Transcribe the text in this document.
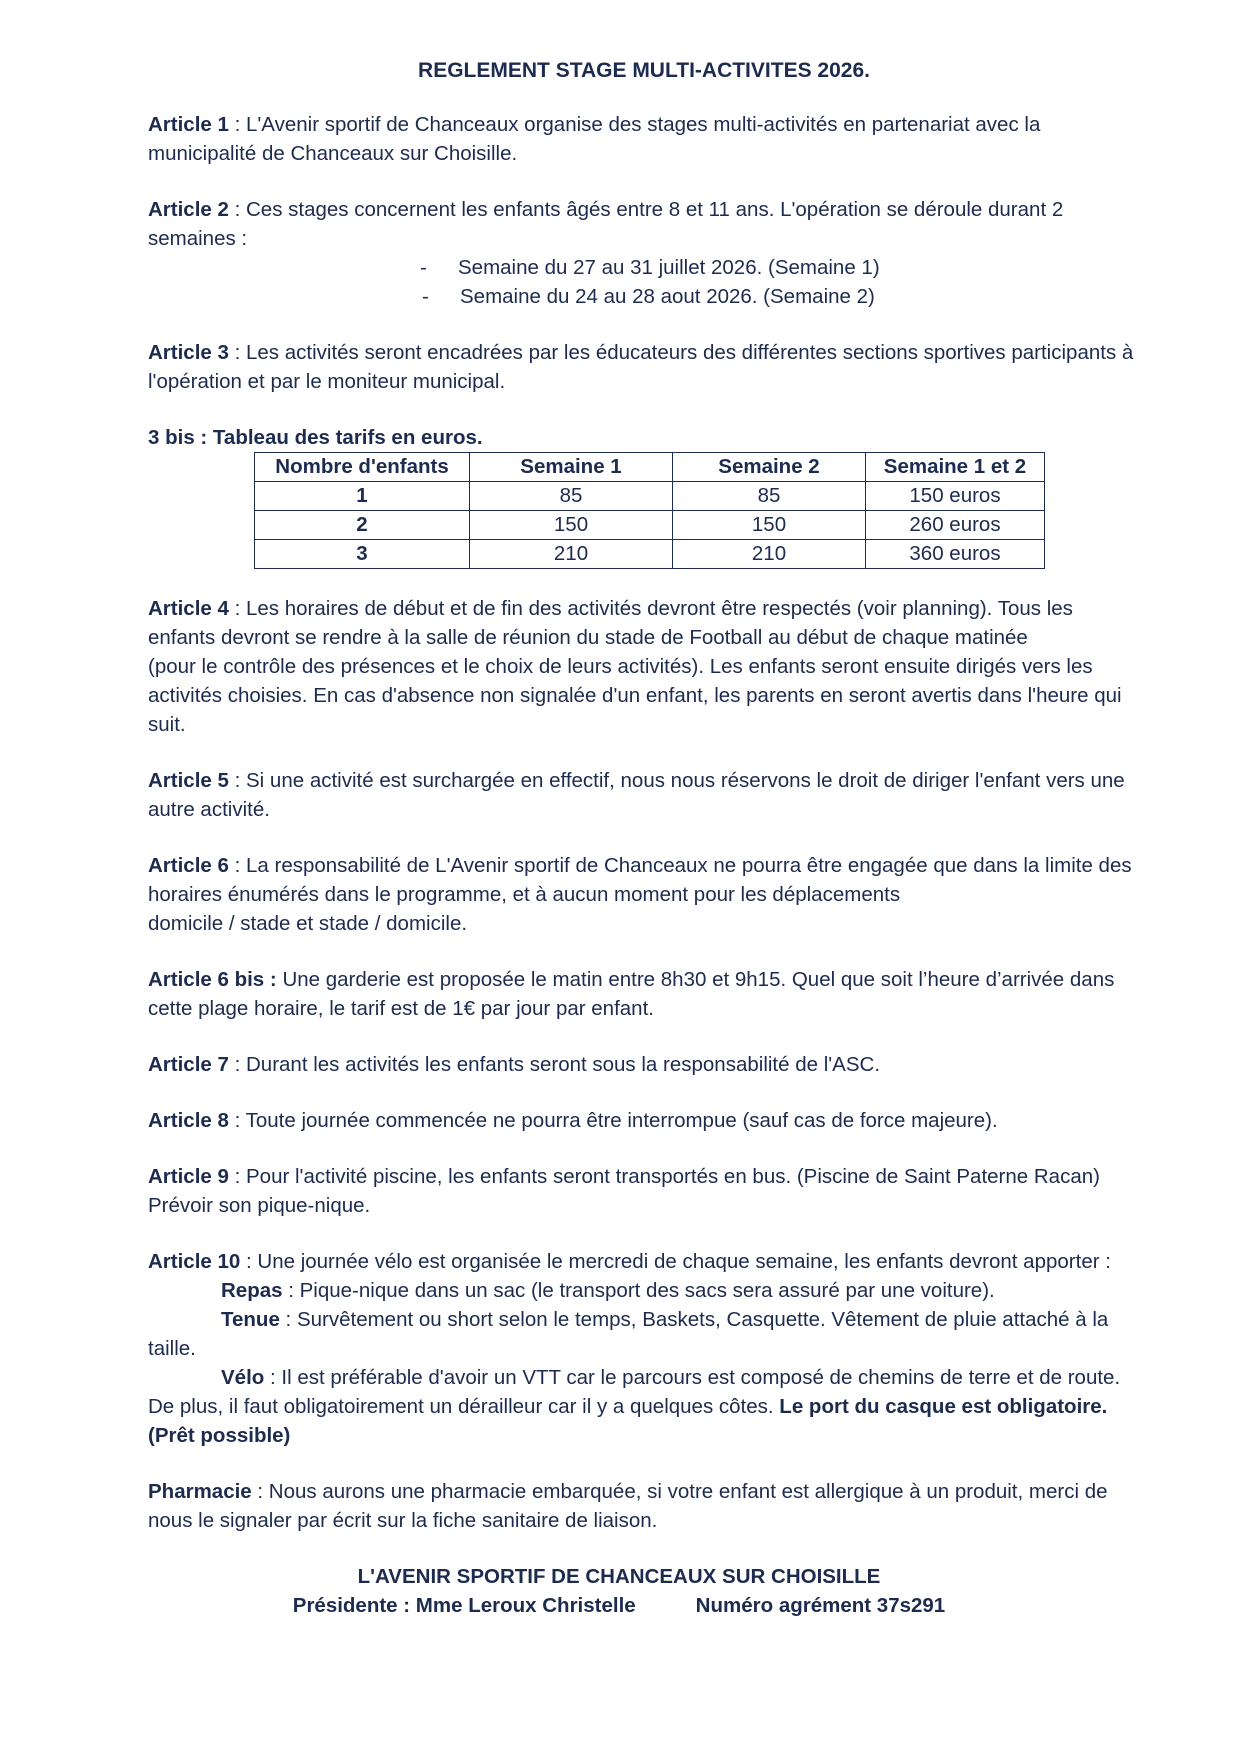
REGLEMENT STAGE MULTI-ACTIVITES 2026.

Article 1 : L'Avenir sportif de Chanceaux organise des stages multi-activités en partenariat avec la municipalité de Chanceaux sur Choisille.

Article 2 : Ces stages concernent les enfants âgés entre 8 et 11 ans. L'opération se déroule durant 2 semaines :
- Semaine du 27 au 31 juillet 2026. (Semaine 1)
- Semaine du 24 au 28 aout 2026. (Semaine 2)

Article 3 : Les activités seront encadrées par les éducateurs des différentes sections sportives participants à l'opération et par le moniteur municipal.

3 bis : Tableau des tarifs en euros.

Nombre d'enfants	Semaine 1	Semaine 2	Semaine 1 et 2
1	85	85	150 euros
2	150	150	260 euros
3	210	210	360 euros
Article 4 : Les horaires de début et de fin des activités devront être respectés (voir planning). Tous les enfants devront se rendre à la salle de réunion du stade de Football au début de chaque matinée
(pour le contrôle des présences et le choix de leurs activités). Les enfants seront ensuite dirigés vers les activités choisies. En cas d'absence non signalée d'un enfant, les parents en seront avertis dans l'heure qui suit.

Article 5 : Si une activité est surchargée en effectif, nous nous réservons le droit de diriger l'enfant vers une autre activité.

Article 6 : La responsabilité de L'Avenir sportif de Chanceaux ne pourra être engagée que dans la limite des horaires énumérés dans le programme, et à aucun moment pour les déplacements
domicile / stade et stade / domicile.

Article 6 bis : Une garderie est proposée le matin entre 8h30 et 9h15. Quel que soit l’heure d’arrivée dans cette plage horaire, le tarif est de 1€ par jour par enfant.

Article 7 : Durant les activités les enfants seront sous la responsabilité de l'ASC.

Article 8 : Toute journée commencée ne pourra être interrompue (sauf cas de force majeure).

Article 9 : Pour l'activité piscine, les enfants seront transportés en bus. (Piscine de Saint Paterne Racan)
Prévoir son pique-nique.
Article 10 : Une journée vélo est organisée le mercredi de chaque semaine, les enfants devront apporter :
Repas : Pique-nique dans un sac (le transport des sacs sera assuré par une voiture).
Tenue : Survêtement ou short selon le temps, Baskets, Casquette. Vêtement de pluie attaché à la taille.
Vélo : Il est préférable d'avoir un VTT car le parcours est composé de chemins de terre et de route. De plus, il faut obligatoirement un dérailleur car il y a quelques côtes. Le port du casque est obligatoire. (Prêt possible)

Pharmacie : Nous aurons une pharmacie embarquée, si votre enfant est allergique à un produit, merci de nous le signaler par écrit sur la fiche sanitaire de liaison.

L'AVENIR SPORTIF DE CHANCEAUX SUR CHOISILLE
Présidente : Mme Leroux Christelle	Numéro agrément 37s291
